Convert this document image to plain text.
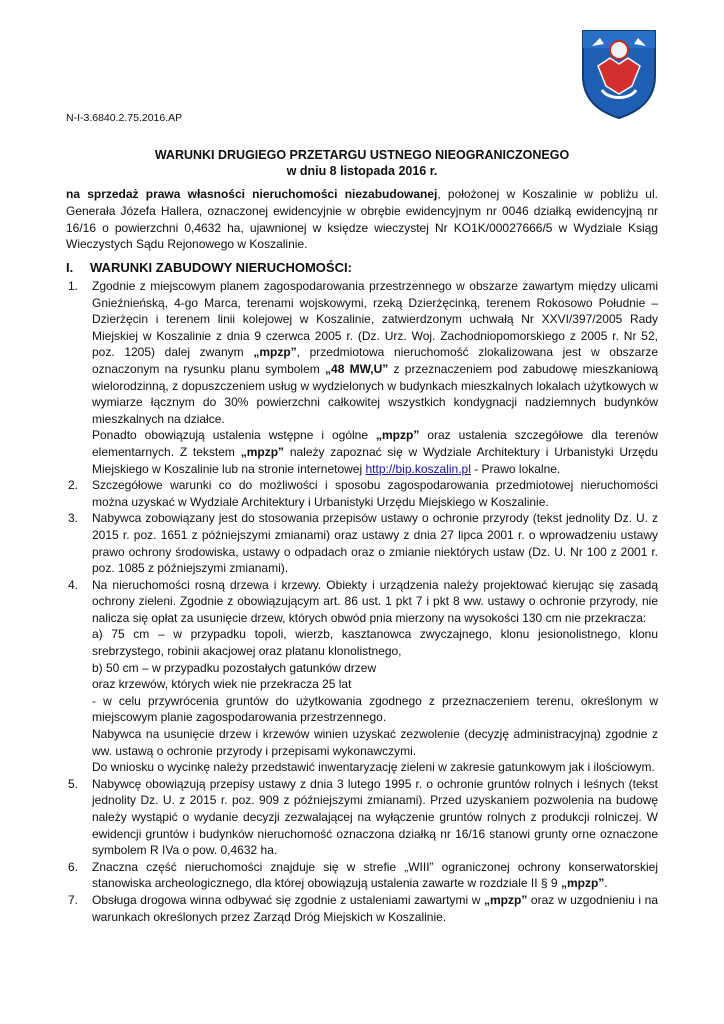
N-I-3.6840.2.75.2016.AP
WARUNKI DRUGIEGO PRZETARGU USTNEGO NIEOGRANICZONEGO
w dniu 8 listopada 2016 r.
na sprzedaż prawa własności nieruchomości niezabudowanej, położonej w Koszalinie w pobliżu ul. Generała Józefa Hallera, oznaczonej ewidencyjnie w obrębie ewidencyjnym nr 0046 działką ewidencyjną nr 16/16 o powierzchni 0,4632 ha, ujawnionej w księdze wieczystej Nr KO1K/00027666/5 w Wydziale Ksiąg Wieczystych Sądu Rejonowego w Koszalinie.
I. WARUNKI ZABUDOWY NIERUCHOMOŚCI:
1. Zgodnie z miejscowym planem zagospodarowania przestrzennego w obszarze zawartym między ulicami Gnieźnieńską, 4-go Marca, terenami wojskowymi, rzeką Dzierżęcinką, terenem Rokosowo Południe – Dzierżęcin i terenem linii kolejowej w Koszalinie, zatwierdzonym uchwałą Nr XXVI/397/2005 Rady Miejskiej w Koszalinie z dnia 9 czerwca 2005 r. (Dz. Urz. Woj. Zachodniopomorskiego z 2005 r. Nr 52, poz. 1205) dalej zwanym „mpzp”, przedmiotowa nieruchomość zlokalizowana jest w obszarze oznaczonym na rysunku planu symbolem „48 MW,U” z przeznaczeniem pod zabudowę mieszkaniową wielorodzinną, z dopuszczeniem usług w wydzielonych w budynkach mieszkalnych lokalach użytkowych w wymiarze łącznym do 30% powierzchni całkowitej wszystkich kondygnacji nadziemnych budynków mieszkalnych na działce.

Ponadto obowiązują ustalenia wstępne i ogólne „mpzp” oraz ustalenia szczegółowe dla terenów elementarnych. Z tekstem „mpzp” należy zapoznać się w Wydziale Architektury i Urbanistyki Urzędu Miejskiego w Koszalinie lub na stronie internetowej http://bip.koszalin.pl - Prawo lokalne.

2. Szczegółowe warunki co do możliwości i sposobu zagospodarowania przedmiotowej nieruchomości można uzyskać w Wydziale Architektury i Urbanistyki Urzędu Miejskiego w Koszalinie.

3. Nabywca zobowiązany jest do stosowania przepisów ustawy o ochronie przyrody (tekst jednolity Dz. U. z 2015 r. poz. 1651 z późniejszymi zmianami) oraz ustawy z dnia 27 lipca 2001 r. o wprowadzeniu ustawy prawo ochrony środowiska, ustawy o odpadach oraz o zmianie niektórych ustaw (Dz. U. Nr 100 z 2001 r. poz. 1085 z późniejszymi zmianami).

4. Na nieruchomości rosną drzewa i krzewy. Obiekty i urządzenia należy projektować kierując się zasadą ochrony zieleni. Zgodnie z obowiązującym art. 86 ust. 1 pkt 7 i pkt 8 ww. ustawy o ochronie przyrody, nie nalicza się opłat za usunięcie drzew, których obwód pnia mierzony na wysokości 130 cm nie przekracza:

a) 75 cm – w przypadku topoli, wierzb, kasztanowca zwyczajnego, klonu jesionolistnego, klonu srebrzystego, robinii akacjowej oraz platanu klonolistnego,

b) 50 cm – w przypadku pozostałych gatunków drzew

oraz krzewów, których wiek nie przekracza 25 lat

- w celu przywrócenia gruntów do użytkowania zgodnego z przeznaczeniem terenu, określonym w miejscowym planie zagospodarowania przestrzennego.

Nabywca na usunięcie drzew i krzewów winien uzyskać zezwolenie (decyzję administracyjną) zgodnie z ww. ustawą o ochronie przyrody i przepisami wykonawczymi.

Do wniosku o wycinkę należy przedstawić inwentaryzację zieleni w zakresie gatunkowym jak i ilościowym.

5. Nabywcę obowiązują przepisy ustawy z dnia 3 lutego 1995 r. o ochronie gruntów rolnych i leśnych (tekst jednolity Dz. U. z 2015 r. poz. 909 z późniejszymi zmianami). Przed uzyskaniem pozwolenia na budowę należy wystąpić o wydanie decyzji zezwalającej na wyłączenie gruntów rolnych z produkcji rolniczej. W ewidencji gruntów i budynków nieruchomość oznaczona działką nr 16/16 stanowi grunty orne oznaczone symbolem R IVa o pow. 0,4632 ha.

6. Znaczna część nieruchomości znajduje się w strefie „WIII” ograniczonej ochrony konserwatorskiej stanowiska archeologicznego, dla której obowiązują ustalenia zawarte w rozdziale II § 9 „mpzp”.

7. Obsługa drogowa winna odbywać się zgodnie z ustaleniami zawartymi w „mpzp” oraz w uzgodnieniu i na warunkach określonych przez Zarząd Dróg Miejskich w Koszalinie.
